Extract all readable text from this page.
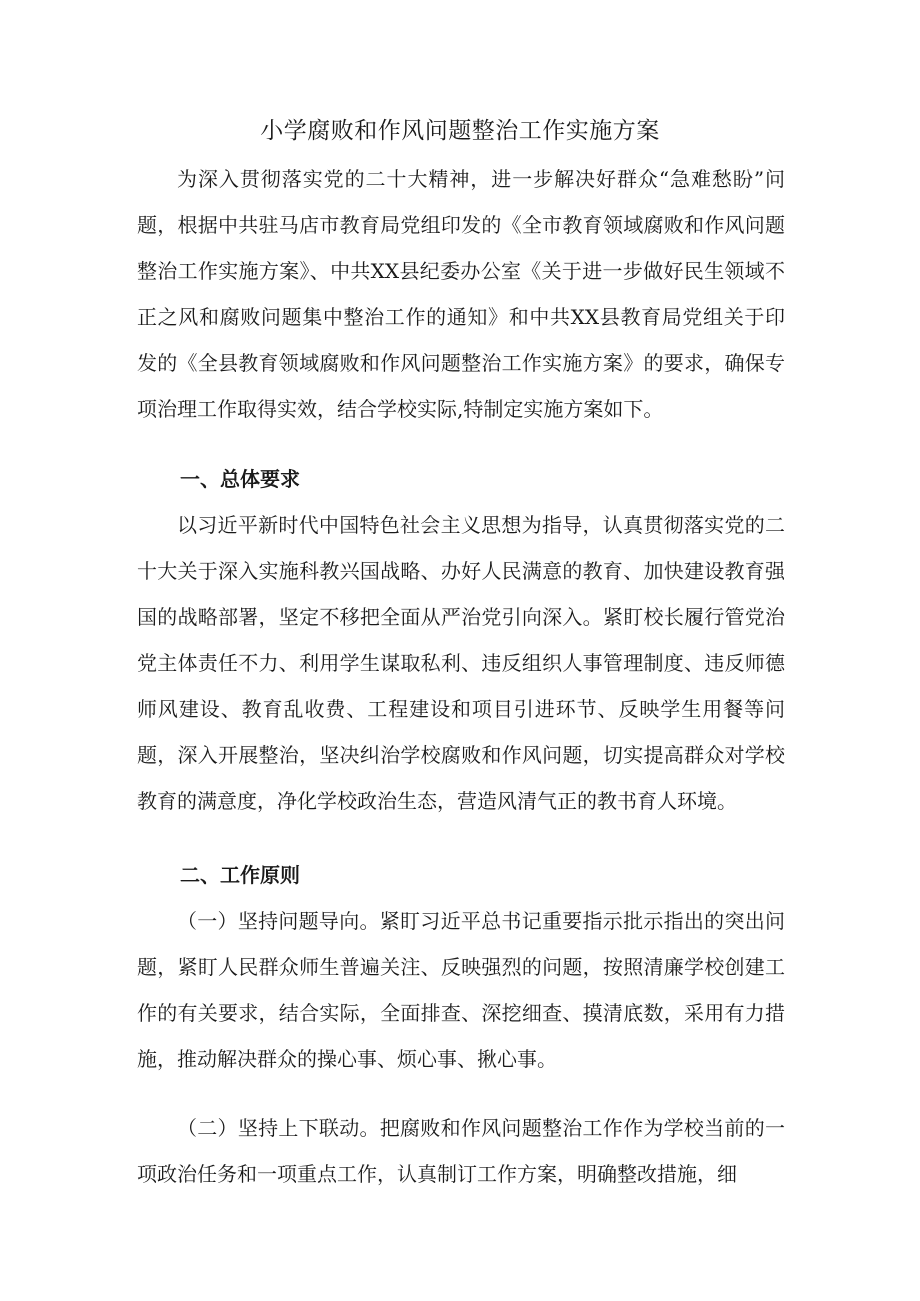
小学腐败和作风问题整治工作实施方案

为深入贯彻落实党的二十大精神，进一步解决好群众“急难愁盼”问题，根据中共驻马店市教育局党组印发的《全市教育领域腐败和作风问题整治工作实施方案》、中共XX县纪委办公室《关于进一步做好民生领域不正之风和腐败问题集中整治工作的通知》和中共XX县教育局党组关于印发的《全县教育领域腐败和作风问题整治工作实施方案》的要求，确保专项治理工作取得实效，结合学校实际,特制定实施方案如下。

一、总体要求

以习近平新时代中国特色社会主义思想为指导，认真贯彻落实党的二十大关于深入实施科教兴国战略、办好人民满意的教育、加快建设教育强国的战略部署，坚定不移把全面从严治党引向深入。紧盯校长履行管党治党主体责任不力、利用学生谋取私利、违反组织人事管理制度、违反师德师风建设、教育乱收费、工程建设和项目引进环节、反映学生用餐等问题，深入开展整治，坚决纠治学校腐败和作风问题，切实提高群众对学校教育的满意度，净化学校政治生态，营造风清气正的教书育人环境。

二、工作原则

（一）坚持问题导向。紧盯习近平总书记重要指示批示指出的突出问题，紧盯人民群众师生普遍关注、反映强烈的问题，按照清廉学校创建工作的有关要求，结合实际，全面排查、深挖细查、摸清底数，采用有力措施，推动解决群众的操心事、烦心事、揪心事。

（二）坚持上下联动。把腐败和作风问题整治工作作为学校当前的一项政治任务和一项重点工作，认真制订工作方案，明确整改措施，细
